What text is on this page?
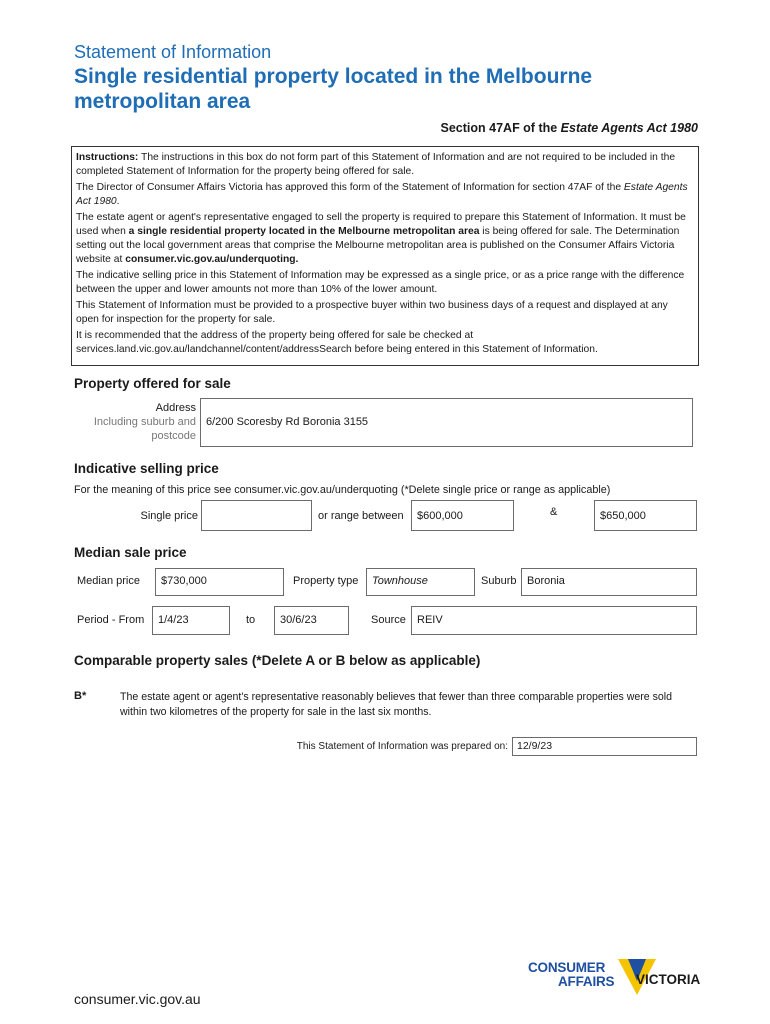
Statement of Information
Single residential property located in the Melbourne metropolitan area
Section 47AF of the Estate Agents Act 1980

Instructions: The instructions in this box do not form part of this Statement of Information and are not required to be included in the completed Statement of Information for the property being offered for sale.

The Director of Consumer Affairs Victoria has approved this form of the Statement of Information for section 47AF of the Estate Agents Act 1980.

The estate agent or agent's representative engaged to sell the property is required to prepare this Statement of Information. It must be used when a single residential property located in the Melbourne metropolitan area is being offered for sale. The Determination setting out the local government areas that comprise the Melbourne metropolitan area is published on the Consumer Affairs Victoria website at consumer.vic.gov.au/underquoting.

The indicative selling price in this Statement of Information may be expressed as a single price, or as a price range with the difference between the upper and lower amounts not more than 10% of the lower amount.

This Statement of Information must be provided to a prospective buyer within two business days of a request and displayed at any open for inspection for the property for sale.

It is recommended that the address of the property being offered for sale be checked at services.land.vic.gov.au/landchannel/content/addressSearch before being entered in this Statement of Information.

Property offered for sale
Address
Including suburb and
postcode
6/200 Scoresby Rd Boronia 3155
Indicative selling price
For the meaning of this price see consumer.vic.gov.au/underquoting (*Delete single price or range as applicable)
Single price	or range between	$600,000	&	$650,000
Median sale price
Median price	$730,000	Property type	Townhouse	Suburb Boronia
Period - From	1/4/23	to	30/6/23	Source	REIV
Comparable property sales (*Delete A or B below as applicable)
B*	The estate agent or agent's representative reasonably believes that fewer than three comparable properties were sold within two kilometres of the property for sale in the last six months.
This Statement of Information was prepared on: 12/9/23
consumer.vic.gov.au
CONSUMER
AFFAIRS VICTORIA
